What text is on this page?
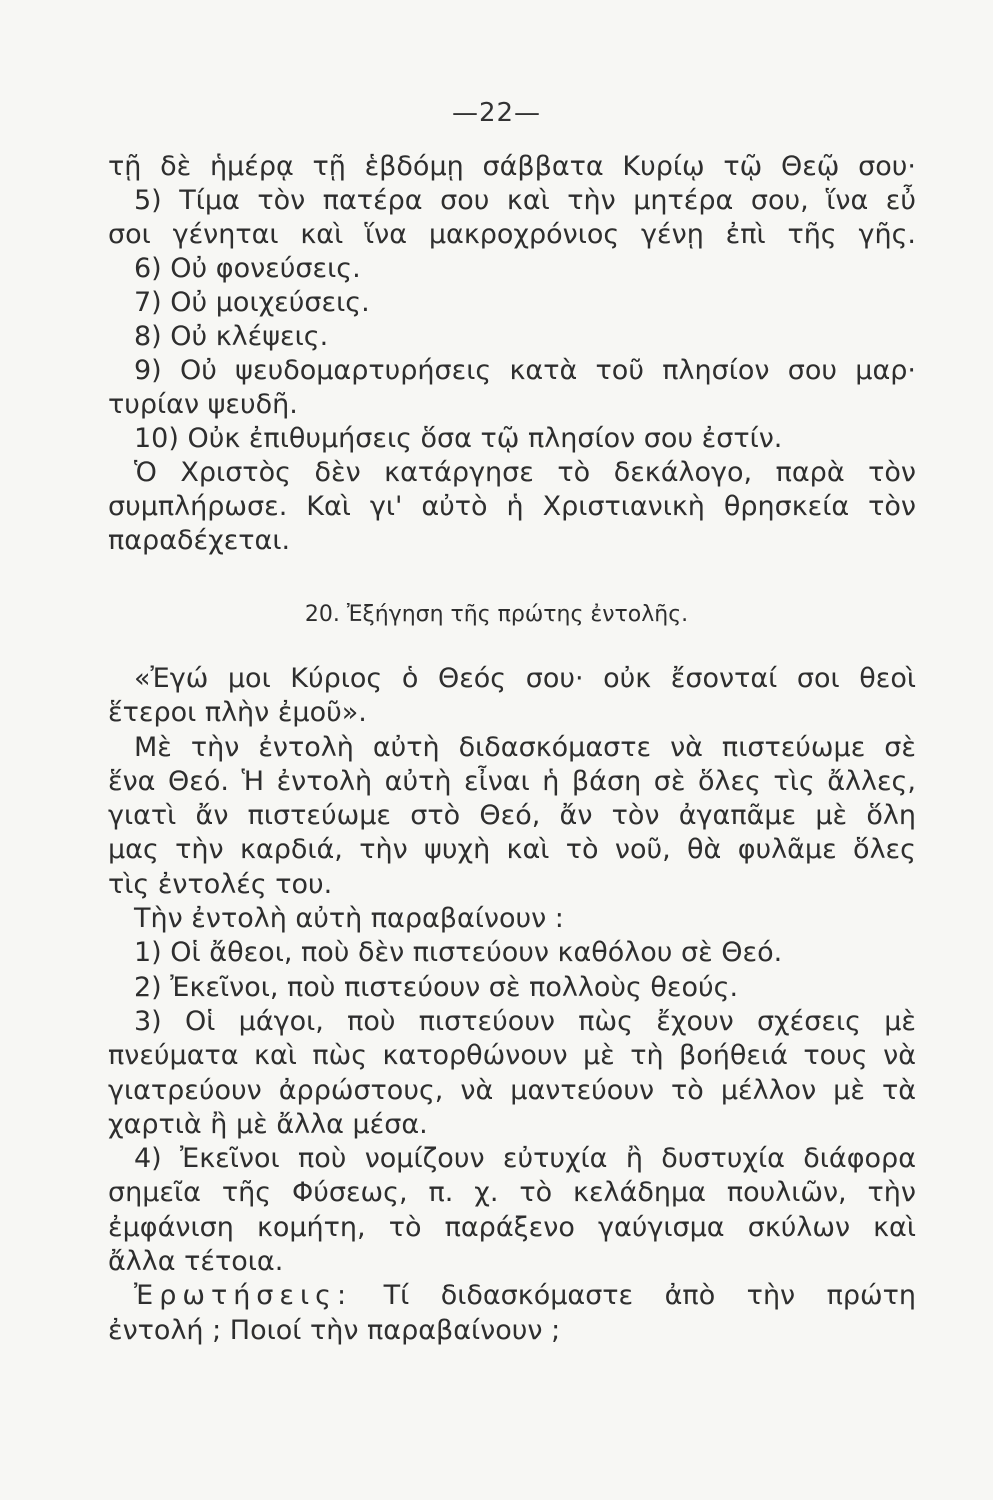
—22—
τῇ δὲ ἡμέρᾳ τῇ ἑβδόμῃ σάββατα Κυρίῳ τῷ Θεῷ σου·
5) Τίμα τὸν πατέρα σου καὶ τὴν μητέρα σου, ἵνα εὖ
σοι γένηται καὶ ἵνα μακροχρόνιος γένῃ ἐπὶ τῆς γῆς.
6) Οὐ φονεύσεις.
7) Οὐ μοιχεύσεις.
8) Οὐ κλέψεις.
9) Οὐ ψευδομαρτυρήσεις κατὰ τοῦ πλησίον σου μαρ·
τυρίαν ψευδῆ.
10) Οὐκ ἐπιθυμήσεις ὅσα τῷ πλησίον σου ἐστίν.
Ὁ Χριστὸς δὲν κατάργησε τὸ δεκάλογο, παρὰ τὸν
συμπλήρωσε. Καὶ γι' αὐτὸ ἡ Χριστιανικὴ θρησκεία τὸν
παραδέχεται.
20. Ἐξήγηση τῆς πρώτης ἐντολῆς.
«Ἐγώ μοι Κύριος ὁ Θεός σου· οὐκ ἔσονταί σοι θεοὶ
ἕτεροι πλὴν ἐμοῦ».
Μὲ τὴν ἐντολὴ αὐτὴ διδασκόμαστε νὰ πιστεύωμε σὲ
ἕνα Θεό. Ἡ ἐντολὴ αὐτὴ εἶναι ἡ βάση σὲ ὅλες τὶς ἄλλες,
γιατὶ ἄν πιστεύωμε στὸ Θεό, ἄν τὸν ἀγαπᾶμε μὲ ὅλη
μας τὴν καρδιά, τὴν ψυχὴ καὶ τὸ νοῦ, θὰ φυλᾶμε ὅλες
τὶς ἐντολές του.
Τὴν ἐντολὴ αὐτὴ παραβαίνουν :
1) Οἱ ἄθεοι, ποὺ δὲν πιστεύουν καθόλου σὲ Θεό.
2) Ἐκεῖνοι, ποὺ πιστεύουν σὲ πολλοὺς θεούς.
3) Οἱ μάγοι, ποὺ πιστεύουν πὼς ἔχουν σχέσεις μὲ
πνεύματα καὶ πὼς κατορθώνουν μὲ τὴ βοήθειά τους νὰ
γιατρεύουν ἀρρώστους, νὰ μαντεύουν τὸ μέλλον μὲ τὰ
χαρτιὰ ἢ μὲ ἄλλα μέσα.
4) Ἐκεῖνοι ποὺ νομίζουν εὐτυχία ἢ δυστυχία διάφορα
σημεῖα τῆς Φύσεως, π. χ. τὸ κελάδημα πουλιῶν, τὴν
ἐμφάνιση κομήτη, τὸ παράξενο γαύγισμα σκύλων καὶ
ἄλλα τέτοια.
Ἐρωτήσεις: Τί διδασκόμαστε ἀπὸ τὴν πρώτη
ἐντολή ; Ποιοί τὴν παραβαίνουν ;
